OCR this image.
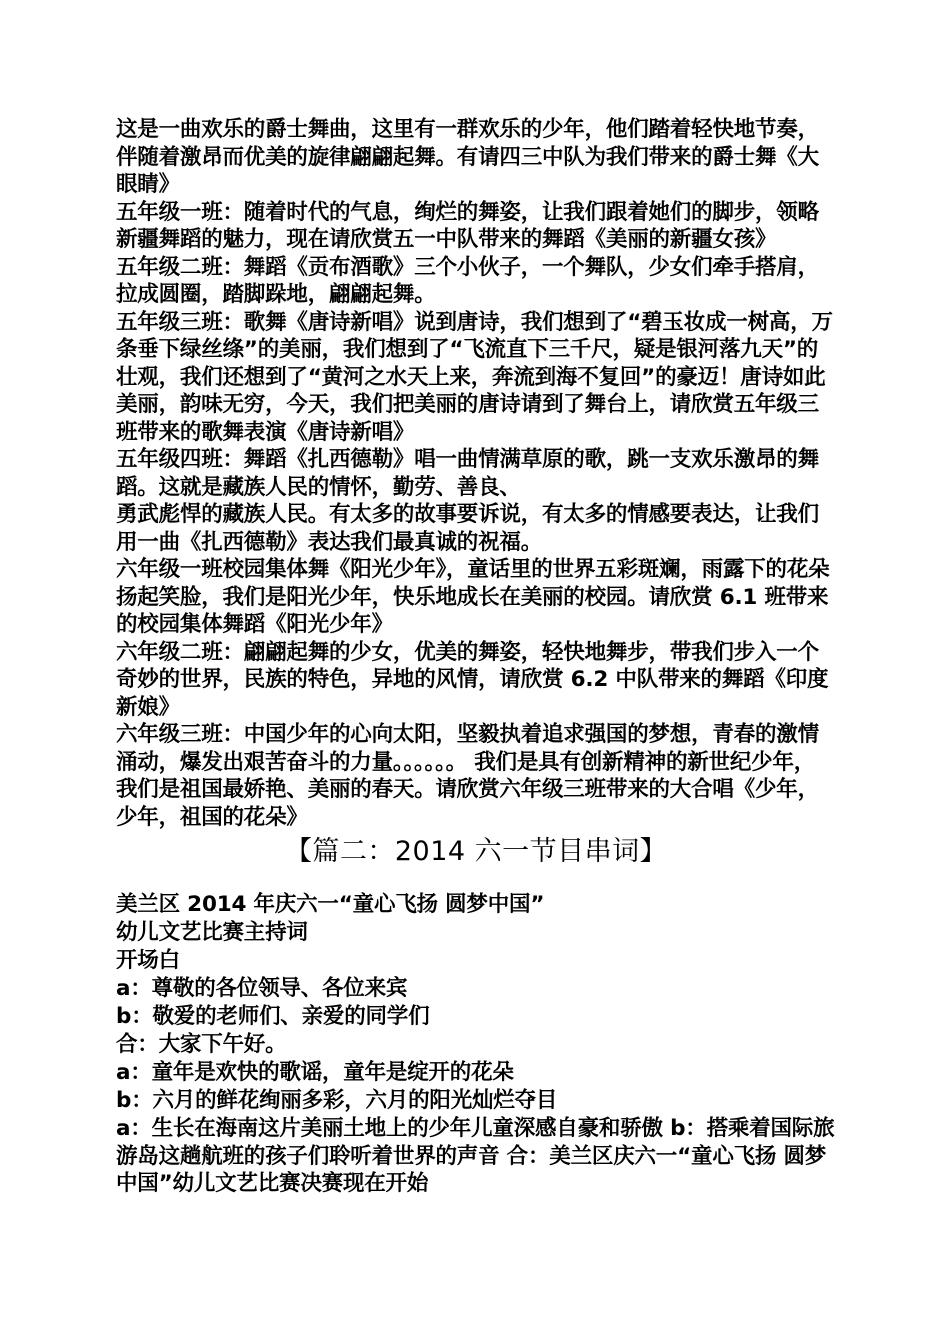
这是一曲欢乐的爵士舞曲，这里有一群欢乐的少年，他们踏着轻快地节奏，伴随着激昂而优美的旋律翩翩起舞。有请四三中队为我们带来的爵士舞《大眼睛》

五年级一班：随着时代的气息，绚烂的舞姿，让我们跟着她们的脚步，领略新疆舞蹈的魅力，现在请欣赏五一中队带来的舞蹈《美丽的新疆女孩》

五年级二班：舞蹈《贡布酒歌》三个小伙子，一个舞队，少女们牵手搭肩，拉成圆圈，踏脚跺地，翩翩起舞。

五年级三班：歌舞《唐诗新唱》说到唐诗，我们想到了“碧玉妆成一树高，万条垂下绿丝绦”的美丽，我们想到了“飞流直下三千尺，疑是银河落九天”的壮观，我们还想到了“黄河之水天上来，奔流到海不复回”的豪迈！唐诗如此美丽，韵味无穷，今天，我们把美丽的唐诗请到了舞台上，请欣赏五年级三班带来的歌舞表演《唐诗新唱》

五年级四班：舞蹈《扎西德勒》唱一曲情满草原的歌，跳一支欢乐激昂的舞蹈。这就是藏族人民的情怀，勤劳、善良、

勇武彪悍的藏族人民。有太多的故事要诉说，有太多的情感要表达，让我们用一曲《扎西德勒》表达我们最真诚的祝福。

六年级一班校园集体舞《阳光少年》，童话里的世界五彩斑斓，雨露下的花朵扬起笑脸，我们是阳光少年，快乐地成长在美丽的校园。请欣赏 6.1 班带来的校园集体舞蹈《阳光少年》

六年级二班：翩翩起舞的少女，优美的舞姿，轻快地舞步，带我们步入一个奇妙的世界，民族的特色，异地的风情，请欣赏 6.2 中队带来的舞蹈《印度新娘》

六年级三班：中国少年的心向太阳，坚毅执着追求强国的梦想，青春的激情涌动，爆发出艰苦奋斗的力量。。。。。。 我们是具有创新精神的新世纪少年，我们是祖国最娇艳、美丽的春天。请欣赏六年级三班带来的大合唱《少年，少年，祖国的花朵》

【篇二：2014 六一节目串词】

美兰区 2014 年庆六一“童心飞扬 圆梦中国”

幼儿文艺比赛主持词

开场白

a：尊敬的各位领导、各位来宾

b：敬爱的老师们、亲爱的同学们

合：大家下午好。

a：童年是欢快的歌谣，童年是绽开的花朵

b：六月的鲜花绚丽多彩，六月的阳光灿烂夺目

a：生长在海南这片美丽土地上的少年儿童深感自豪和骄傲 b：搭乘着国际旅游岛这趟航班的孩子们聆听着世界的声音 合：美兰区庆六一“童心飞扬 圆梦中国”幼儿文艺比赛决赛现在开始
